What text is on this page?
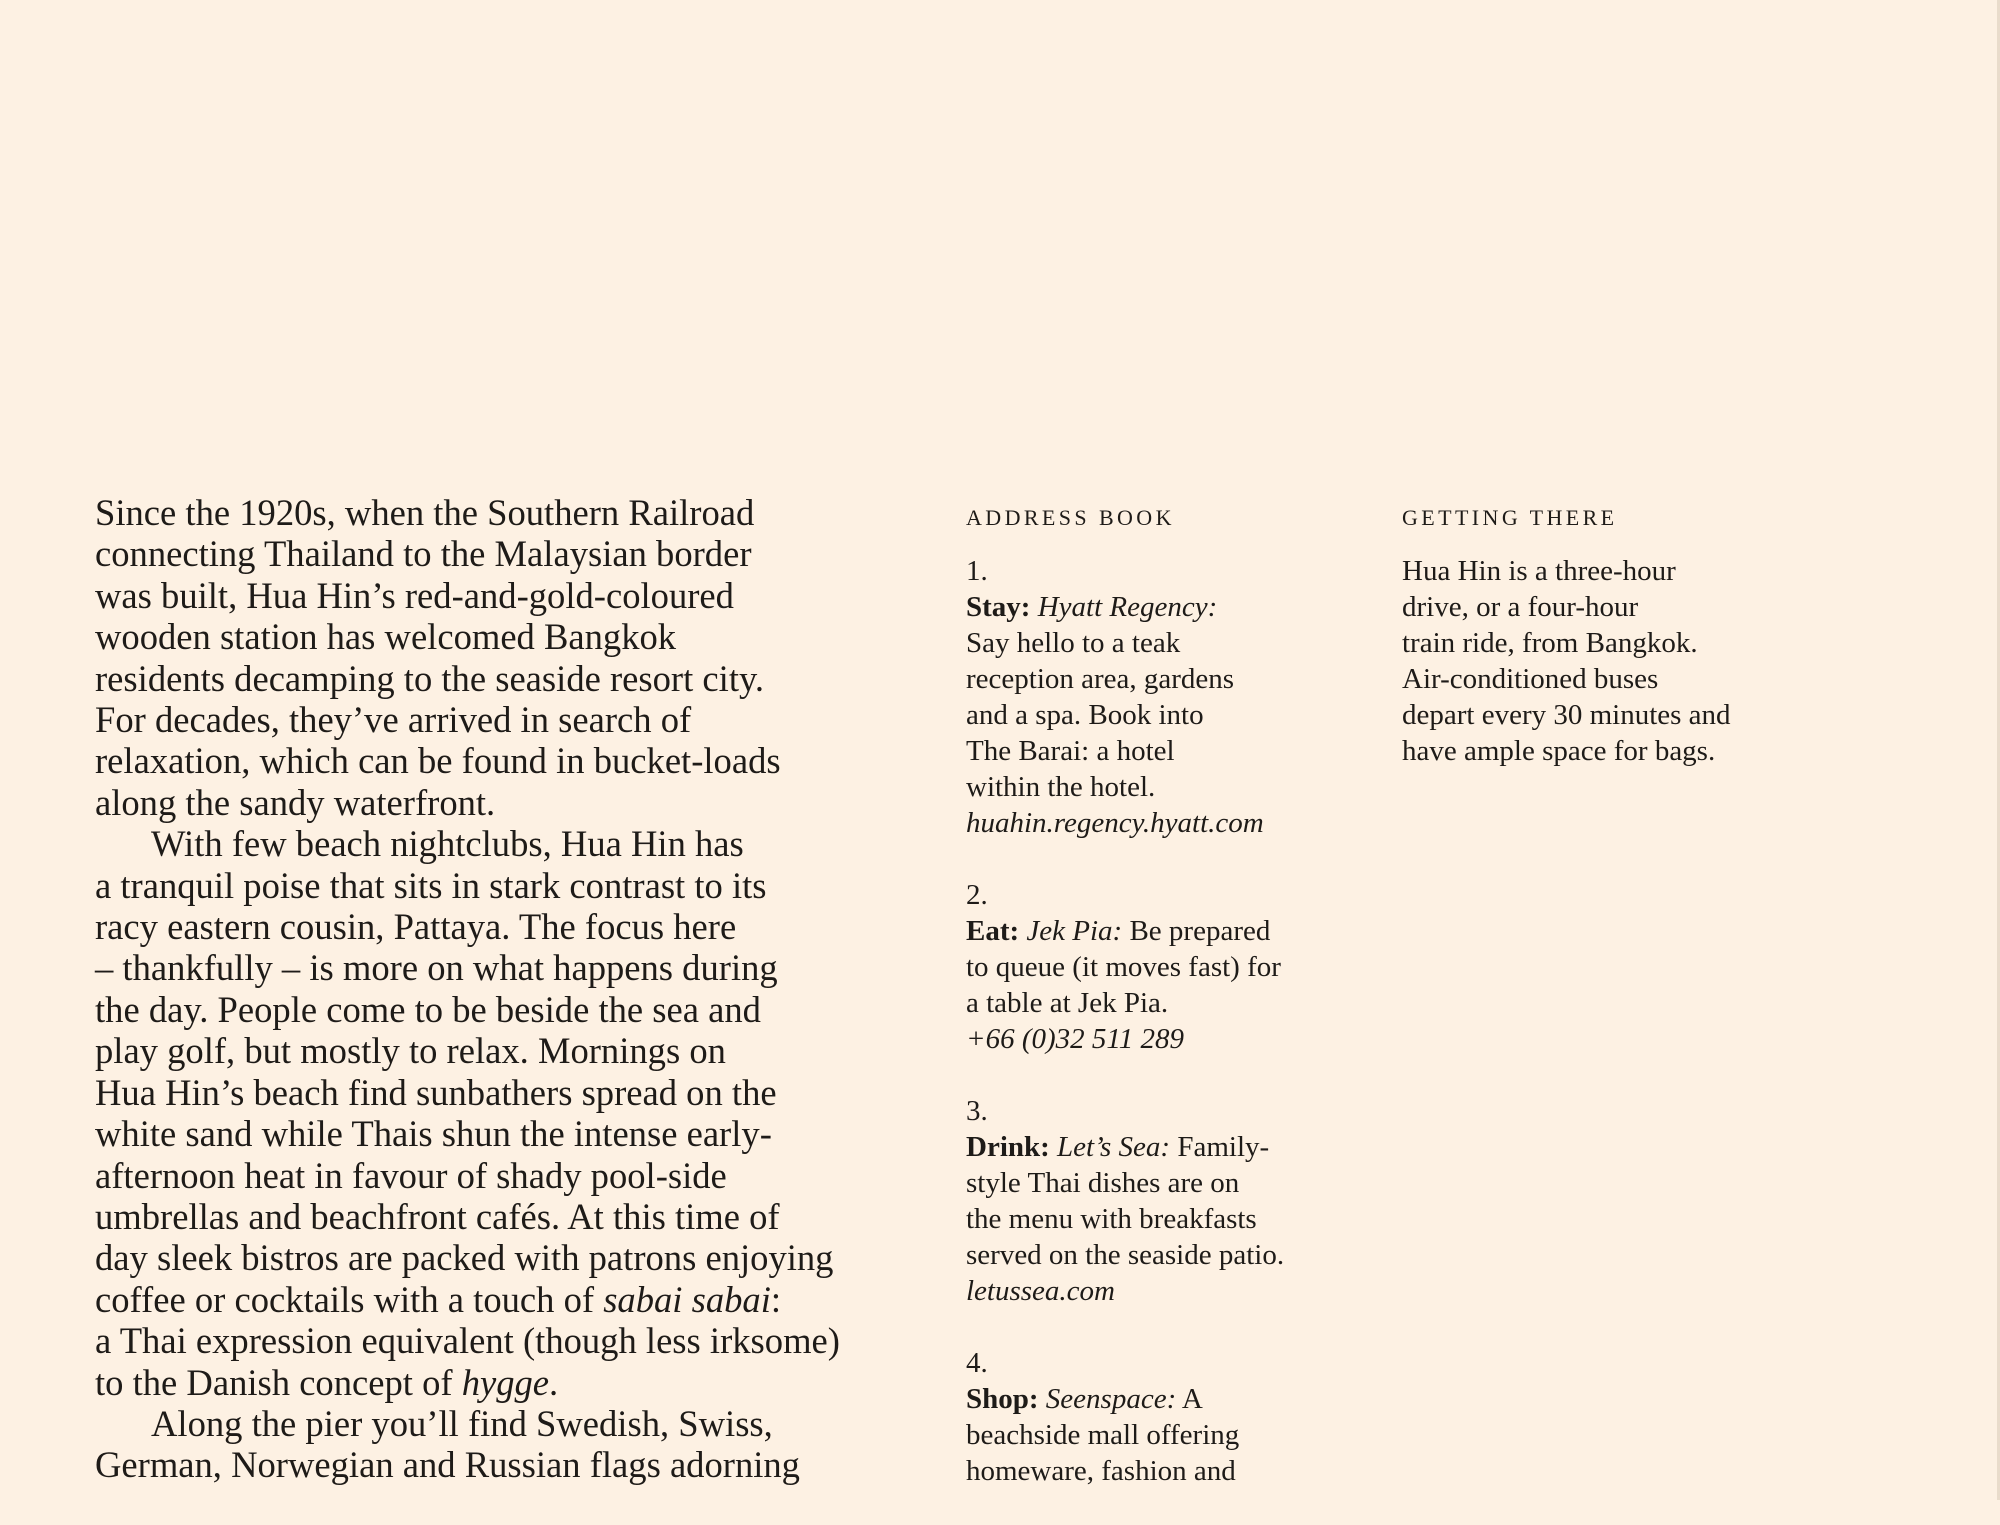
Since the 1920s, when the Southern Railroad

connecting Thailand to the Malaysian border

was built, Hua Hin’s red-and-gold-coloured

wooden station has welcomed Bangkok

residents decamping to the seaside resort city.

For decades, they’ve arrived in search of

relaxation, which can be found in bucket-loads

along the sandy waterfront.

With few beach nightclubs, Hua Hin has

a tranquil poise that sits in stark contrast to its

racy eastern cousin, Pattaya. The focus here

– thankfully – is more on what happens during

the day. People come to be beside the sea and

play golf, but mostly to relax. Mornings on

Hua Hin’s beach find sunbathers spread on the

white sand while Thais shun the intense early-

afternoon heat in favour of shady pool-side

umbrellas and beachfront cafés. At this time of

day sleek bistros are packed with patrons enjoying

coffee or cocktails with a touch of sabai sabai:

a Thai expression equivalent (though less irksome)

to the Danish concept of hygge.

Along the pier you’ll find Swedish, Swiss,

German, Norwegian and Russian flags adorning

ADDRESS BOOK
1.
Stay: Hyatt Regency:
Say hello to a teak
reception area, gardens
and a spa. Book into
The Barai: a hotel
within the hotel.
huahin.regency.hyatt.com
2.
Eat: Jek Pia: Be prepared
to queue (it moves fast) for
a table at Jek Pia.
+66 (0)32 511 289
3.
Drink: Let’s Sea: Family-
style Thai dishes are on
the menu with breakfasts
served on the seaside patio.
letussea.com
4.
Shop: Seenspace: A
beachside mall offering
homeware, fashion and
GETTING THERE
Hua Hin is a three-hour
drive, or a four-hour
train ride, from Bangkok.
Air-conditioned buses
depart every 30 minutes and
have ample space for bags.
